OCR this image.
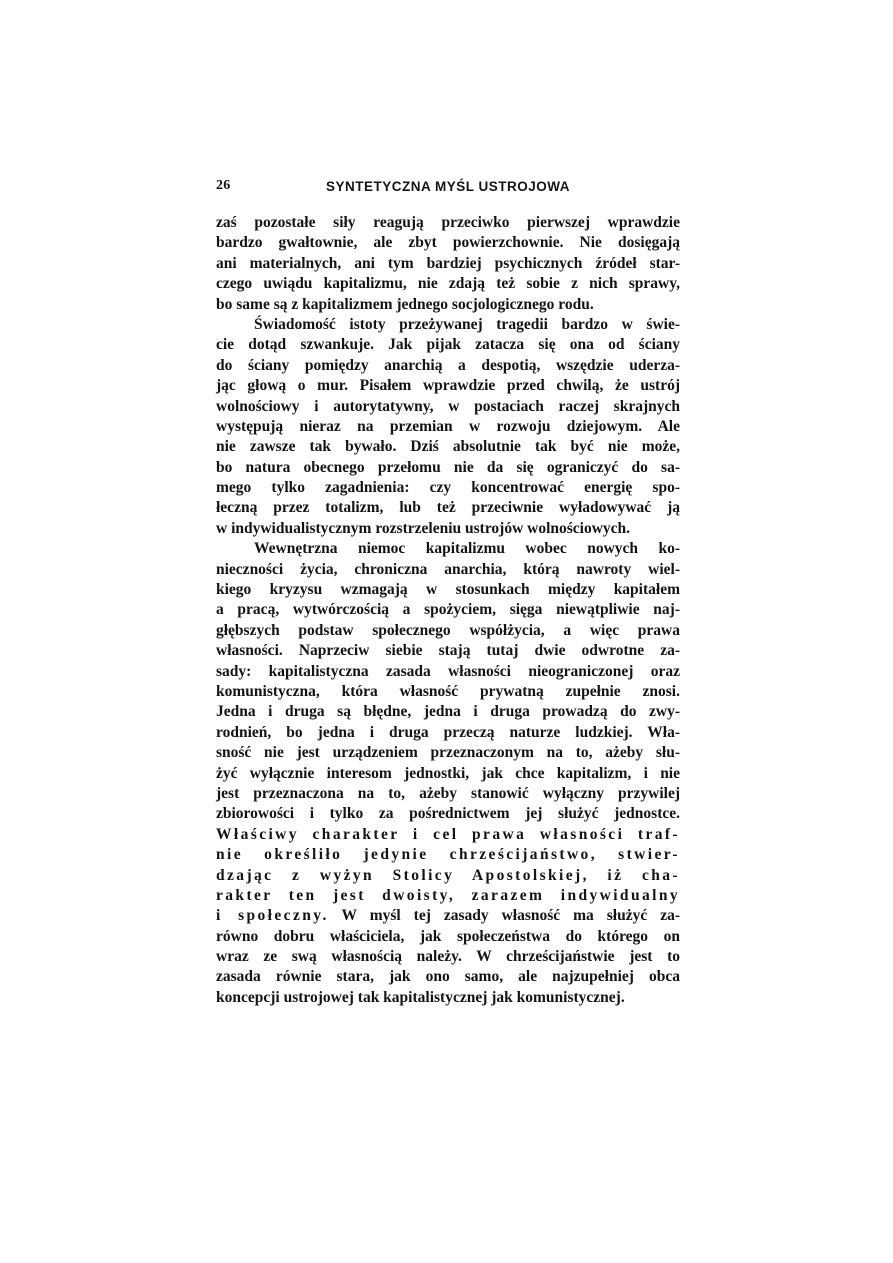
26	SYNTETYCZNA MYŚL USTROJOWA
zaś pozostałe siły reagują przeciwko pierwszej wprawdzie
bardzo gwałtownie, ale zbyt powierzchownie. Nie dosięgają
ani materialnych, ani tym bardziej psychicznych źródeł star-
czego uwiądu kapitalizmu, nie zdają też sobie z nich sprawy,
bo same są z kapitalizmem jednego socjologicznego rodu.
Świadomość istoty przeżywanej tragedii bardzo w świe-
cie dotąd szwankuje. Jak pijak zatacza się ona od ściany
do ściany pomiędzy anarchią a despotią, wszędzie uderza-
jąc głową o mur. Pisałem wprawdzie przed chwilą, że ustrój
wolnościowy i autorytatywny, w postaciach raczej skrajnych
występują nieraz na przemian w rozwoju dziejowym. Ale
nie zawsze tak bywało. Dziś absolutnie tak być nie może,
bo natura obecnego przełomu nie da się ograniczyć do sa-
mego tylko zagadnienia: czy koncentrować energię spo-
łeczną przez totalizm, lub też przeciwnie wyładowywać ją
w indywidualistycznym rozstrzeleniu ustrojów wolnościowych.
Wewnętrzna niemoc kapitalizmu wobec nowych ko-
nieczności życia, chroniczna anarchia, którą nawroty wiel-
kiego kryzysu wzmagają w stosunkach między kapitałem
a pracą, wytwórczością a spożyciem, sięga niewątpliwie naj-
głębszych podstaw społecznego współżycia, a więc prawa
własności. Naprzeciw siebie stają tutaj dwie odwrotne za-
sady: kapitalistyczna zasada własności nieograniczonej oraz
komunistyczna, która własność prywatną zupełnie znosi.
Jedna i druga są błędne, jedna i druga prowadzą do zwy-
rodnień, bo jedna i druga przeczą naturze ludzkiej. Wła-
sność nie jest urządzeniem przeznaczonym na to, ażeby słu-
żyć wyłącznie interesom jednostki, jak chce kapitalizm, i nie
jest przeznaczona na to, ażeby stanowić wyłączny przywilej
zbiorowości i tylko za pośrednictwem jej służyć jednostce.
Właściwy charakter i cel prawa własności traf-
nie określiło jedynie chrześcijaństwo, stwier-
dzając z wyżyn Stolicy Apostolskiej, iż cha-
rakter ten jest dwoisty, zarazem indywidualny
i społeczny. W myśl tej zasady własność ma służyć za-
równo dobru właściciela, jak społeczeństwa do którego on
wraz ze swą własnością należy. W chrześcijaństwie jest to
zasada równie stara, jak ono samo, ale najzupełniej obca
koncepcji ustrojowej tak kapitalistycznej jak komunistycznej.
